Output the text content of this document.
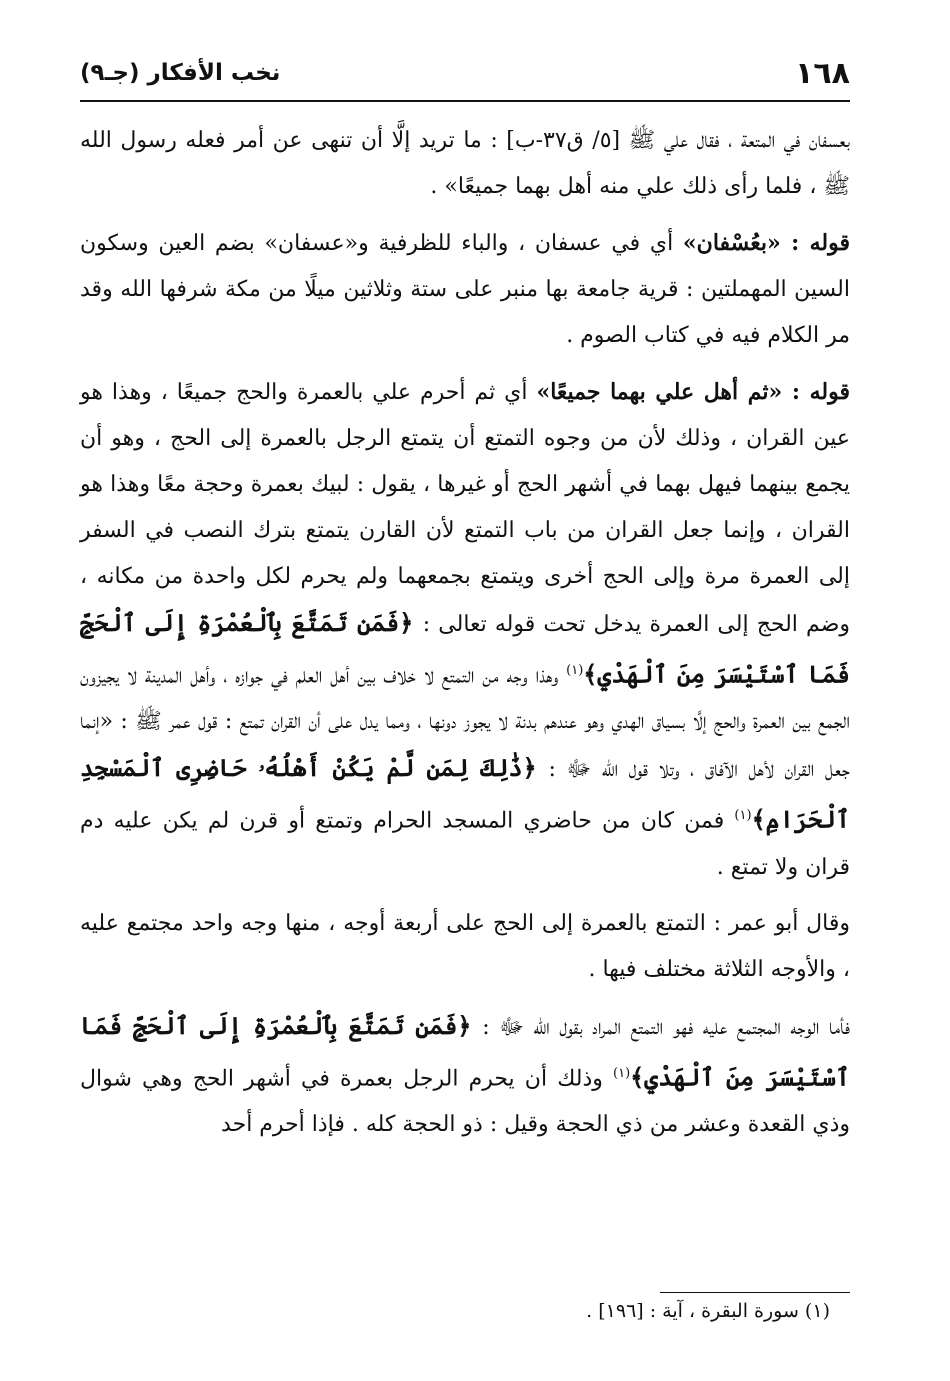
١٦٨
نخب الأفكار (جـ٩)

بعسفان في المتعة ، فقال علي ﷺ [٥/ ق٣٧-ب] : ما تريد إلَّا أن تنهى عن أمر فعله رسول الله ﷺ ، فلما رأى ذلك علي منه أهل بهما جميعًا» .

قوله : «بعُسْفان» أي في عسفان ، والباء للظرفية و«عسفان» بضم العين وسكون السين المهملتين : قرية جامعة بها منبر على ستة وثلاثين ميلًا من مكة شرفها الله وقد مر الكلام فيه في كتاب الصوم .

قوله : «ثم أهل علي بهما جميعًا» أي ثم أحرم علي بالعمرة والحج جميعًا ، وهذا هو عين القران ، وذلك لأن من وجوه التمتع أن يتمتع الرجل بالعمرة إلى الحج ، وهو أن يجمع بينهما فيهل بهما في أشهر الحج أو غيرها ، يقول : لبيك بعمرة وحجة معًا وهذا هو القران ، وإنما جعل القران من باب التمتع لأن القارن يتمتع بترك النصب في السفر إلى العمرة مرة وإلى الحج أخرى ويتمتع بجمعهما ولم يحرم لكل واحدة من مكانه ، وضم الحج إلى العمرة يدخل تحت قوله تعالى : ﴿فَمَن تَمَتَّعَ بِٱلْعُمْرَةِ إِلَى ٱلْحَجِّ فَمَا ٱسْتَيْسَرَ مِنَ ٱلْهَدْيِ﴾$^{(١)}$ وهذا وجه من التمتع لا خلاف بين أهل العلم في جوازه ، وأهل المدينة لا يجيزون الجمع بين العمرة والحج إلَّا بسياق الهدي وهو عندهم بدنة لا يجوز دونها ، ومما يدل على أن القران تمتع : قول عمر ﷺ : «إنما جعل القران لأهل الآفاق ، وتلا قول الله ﷻ : ﴿ذَٰلِكَ لِمَن لَّمْ يَكُنْ أَهْلُهُۥ حَاضِرِى ٱلْمَسْجِدِ ٱلْحَرَامِ﴾$^{(١)}$ فمن كان من حاضري المسجد الحرام وتمتع أو قرن لم يكن عليه دم قران ولا تمتع .

وقال أبو عمر : التمتع بالعمرة إلى الحج على أربعة أوجه ، منها وجه واحد مجتمع عليه ، والأوجه الثلاثة مختلف فيها .

فأما الوجه المجتمع عليه فهو التمتع المراد بقول الله ﷻ : ﴿فَمَن تَمَتَّعَ بِٱلْعُمْرَةِ إِلَى ٱلْحَجِّ فَمَا ٱسْتَيْسَرَ مِنَ ٱلْهَدْيِ﴾$^{(١)}$ وذلك أن يحرم الرجل بعمرة في أشهر الحج وهي شوال وذي القعدة وعشر من ذي الحجة وقيل : ذو الحجة كله . فإذا أحرم أحد

(١) سورة البقرة ، آية : [١٩٦] .
